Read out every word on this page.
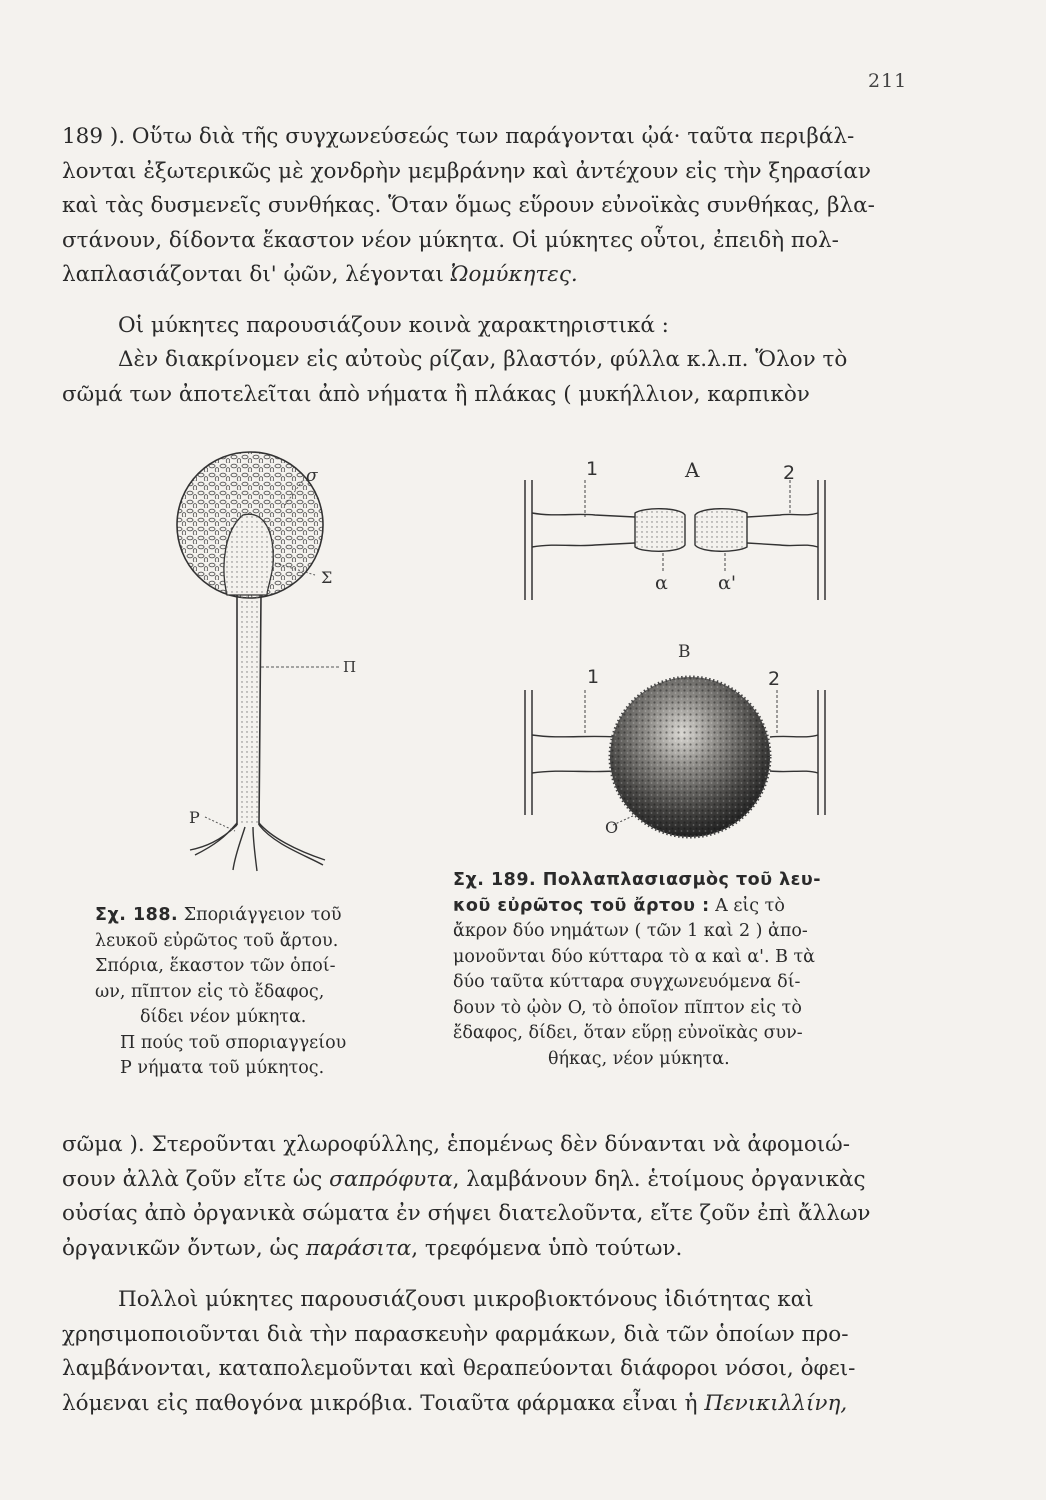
211

189 ). Οὕτω διὰ τῆς συγχωνεύσεώς των παράγονται ᾠά· ταῦτα περιβάλ-
λονται ἐξωτερικῶς μὲ χονδρὴν μεμβράνην καὶ ἀντέχουν εἰς τὴν ξηρασίαν
καὶ τὰς δυσμενεῖς συνθήκας. Ὅταν ὅμως εὕρουν εὐνοϊκὰς συνθήκας, βλα-
στάνουν, δίδοντα ἕκαστον νέον μύκητα. Οἱ μύκητες οὗτοι, ἐπειδὴ πολ-
λαπλασιάζονται δι' ᾠῶν, λέγονται Ὠομύκητες.

Οἱ μύκητες παρουσιάζουν κοινὰ χαρακτηριστικά :

Δὲν διακρίνομεν εἰς αὐτοὺς ρίζαν, βλαστόν, φύλλα κ.λ.π. Ὅλον τὸ
σῶμά των ἀποτελεῖται ἀπὸ νήματα ἢ πλάκας ( μυκήλλιον, καρπικὸν

σ
Σ
Π
Ρ
A
1	2
α	α'
B
1	2
O
Σχ. 188. Σποριάγγειον τοῦ
λευκοῦ εὐρῶτος τοῦ ἄρτου.
Σπόρια, ἕκαστον τῶν ὁποί-
ων, πῖπτον εἰς τὸ ἔδαφος,
δίδει νέον μύκητα.
Π πούς τοῦ σποριαγγείου
Ρ νήματα τοῦ μύκητος.
Σχ. 189. Πολλαπλασιασμὸς τοῦ λευ-
κοῦ εὐρῶτος τοῦ ἄρτου : A εἰς τὸ
ἄκρον δύο νημάτων ( τῶν 1 καὶ 2 ) ἀπο-
μονοῦνται δύο κύτταρα τὸ α καὶ α'. B τὰ
δύο ταῦτα κύτταρα συγχωνευόμενα δί-
δουν τὸ ᾠὸν O, τὸ ὁποῖον πῖπτον εἰς τὸ
ἔδαφος, δίδει, ὅταν εὕρῃ εὐνοϊκὰς συν-
θήκας, νέον μύκητα.

σῶμα ). Στεροῦνται χλωροφύλλης, ἑπομένως δὲν δύνανται νὰ ἀφομοιώ-
σουν ἀλλὰ ζοῦν εἴτε ὡς σαπρόφυτα, λαμβάνουν δηλ. ἑτοίμους ὀργανικὰς
οὐσίας ἀπὸ ὀργανικὰ σώματα ἐν σήψει διατελοῦντα, εἴτε ζοῦν ἐπὶ ἄλλων
ὀργανικῶν ὄντων, ὡς παράσιτα, τρεφόμενα ὑπὸ τούτων.

Πολλοὶ μύκητες παρουσιάζουσι μικροβιοκτόνους ἰδιότητας καὶ
χρησιμοποιοῦνται διὰ τὴν παρασκευὴν φαρμάκων, διὰ τῶν ὁποίων προ-
λαμβάνονται, καταπολεμοῦνται καὶ θεραπεύονται διάφοροι νόσοι, ὀφει-
λόμεναι εἰς παθογόνα μικρόβια. Τοιαῦτα φάρμακα εἶναι ἡ Πενικιλλίνη,
